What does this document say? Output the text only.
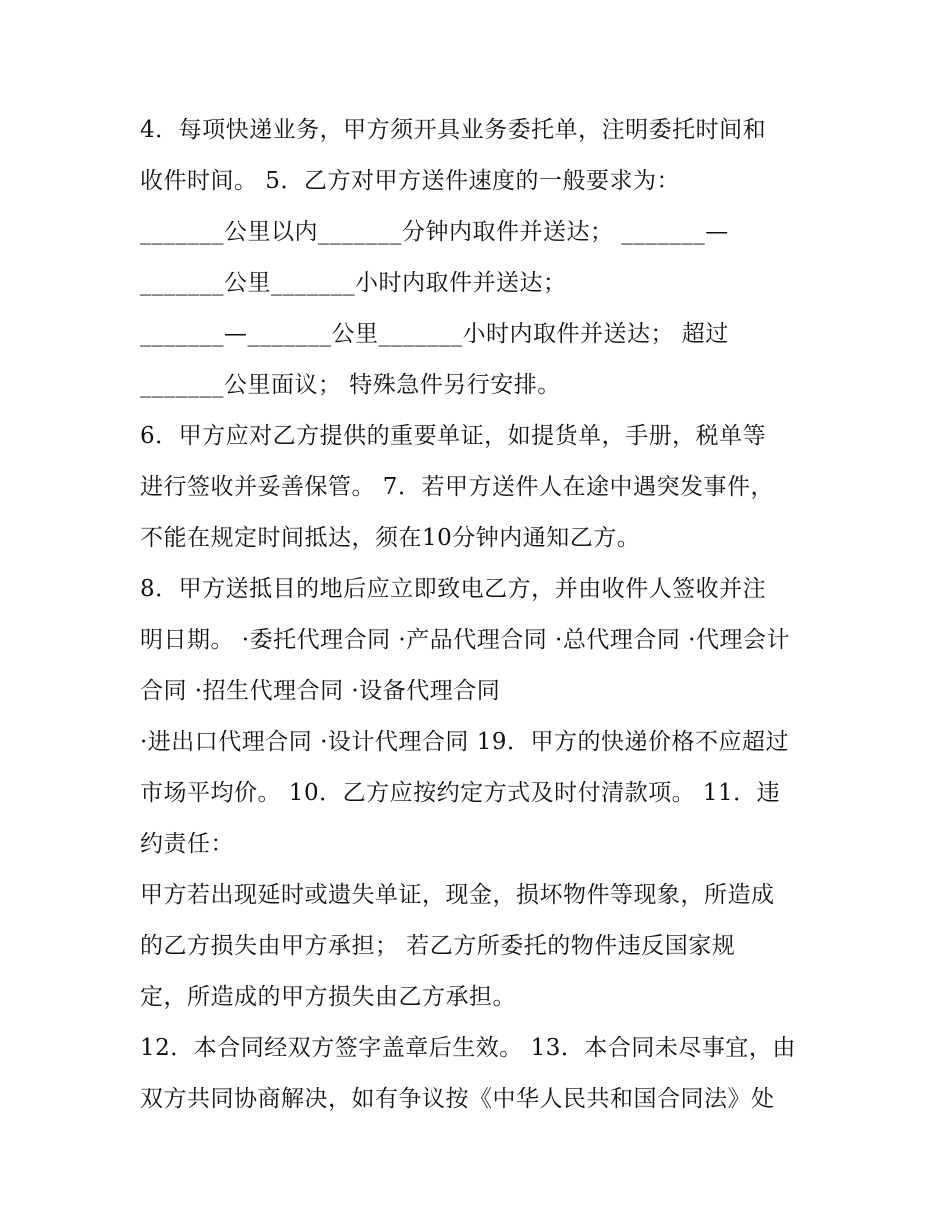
4．每项快递业务，甲方须开具业务委托单，注明委托时间和
收件时间。 5．乙方对甲方送件速度的一般要求为：
_______公里以内_______分钟内取件并送达； _______—
_______公里_______小时内取件并送达；
_______—_______公里_______小时内取件并送达； 超过
_______公里面议； 特殊急件另行安排。
6．甲方应对乙方提供的重要单证，如提货单，手册，税单等
进行签收并妥善保管。 7．若甲方送件人在途中遇突发事件，
不能在规定时间抵达，须在10分钟内通知乙方。
8．甲方送抵目的地后应立即致电乙方，并由收件人签收并注
明日期。 ·委托代理合同 ·产品代理合同 ·总代理合同 ·代理会计
合同 ·招生代理合同 ·设备代理合同
·进出口代理合同 ·设计代理合同 19．甲方的快递价格不应超过
市场平均价。 10．乙方应按约定方式及时付清款项。 11．违
约责任：
甲方若出现延时或遗失单证，现金，损坏物件等现象，所造成
的乙方损失由甲方承担； 若乙方所委托的物件违反国家规
定，所造成的甲方损失由乙方承担。
12．本合同经双方签字盖章后生效。 13．本合同未尽事宜，由
双方共同协商解决，如有争议按《中华人民共和国合同法》处
